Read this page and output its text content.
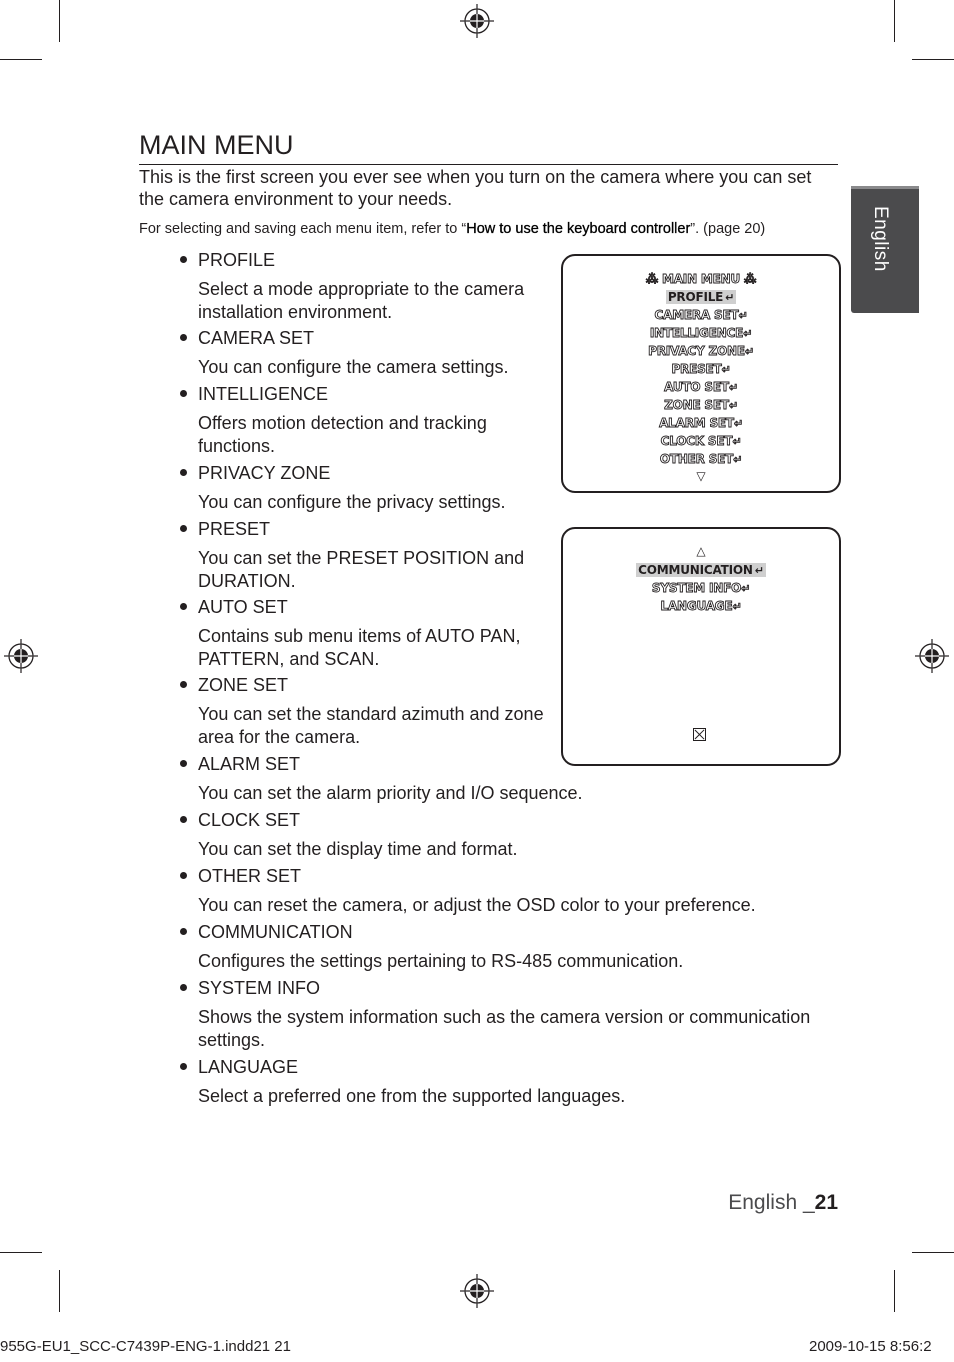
MAIN MENU
This is the first screen you ever see when you turn on the camera where you can set the camera environment to your needs.
For selecting and saving each menu item, refer to “How to use the keyboard controller”. (page 20)	English
PROFILE
Select a mode appropriate to the camera installation environment.
CAMERA SET
You can configure the camera settings.
INTELLIGENCE
Offers motion detection and tracking functions.
PRIVACY ZONE
You can configure the privacy settings.
PRESET
You can set the PRESET POSITION and DURATION.
AUTO SET
Contains sub menu items of AUTO PAN, PATTERN, and SCAN.
ZONE SET
You can set the standard azimuth and zone area for the camera.
ALARM SET
You can set the alarm priority and I/O sequence.
CLOCK SET
You can set the display time and format.
OTHER SET
You can reset the camera, or adjust the OSD color to your preference.
COMMUNICATION
Configures the settings pertaining to RS-485 communication.
SYSTEM INFO
Shows the system information such as the camera version or communication settings.
LANGUAGE
Select a preferred one from the supported languages.
⁂ MAIN MENU ⁂
PROFILE ↵
CAMERA SET↵
INTELLIGENCE↵
PRIVACY ZONE↵
PRESET↵
AUTO SET↵
ZONE SET↵
ALARM SET↵
CLOCK SET↵
OTHER SET↵
▽
△
COMMUNICATION ↵
SYSTEM INFO↵
LANGUAGE↵
English _21
955G-EU1_SCC-C7439P-ENG-1.indd21 21	2009-10-15 8:56:2
